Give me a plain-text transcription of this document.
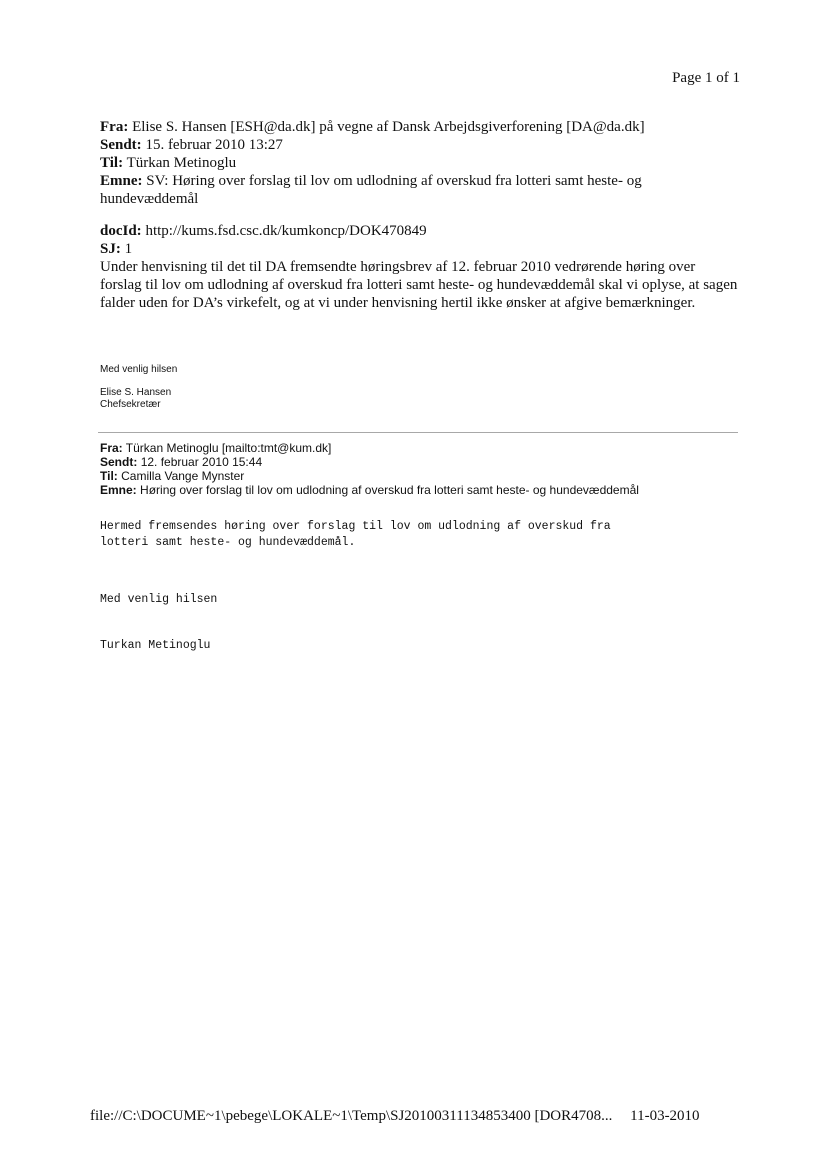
Page 1 of 1
Fra: Elise S. Hansen [ESH@da.dk] på vegne af Dansk Arbejdsgiverforening [DA@da.dk]
Sendt: 15. februar 2010 13:27
Til: Türkan Metinoglu
Emne: SV: Høring over forslag til lov om udlodning af overskud fra lotteri samt heste- og hundevæddemål
docId: http://kums.fsd.csc.dk/kumkoncp/DOK470849
SJ: 1
Under henvisning til det til DA fremsendte høringsbrev af 12. februar 2010 vedrørende høring over forslag til lov om udlodning af overskud fra lotteri samt heste- og hundevæddemål skal vi oplyse, at sagen falder uden for DA’s virkefelt, og at vi under henvisning hertil ikke ønsker at afgive bemærkninger.
Med venlig hilsen
Elise S. Hansen
Chefsekretær
Fra: Türkan Metinoglu [mailto:tmt@kum.dk]
Sendt: 12. februar 2010 15:44
Til: Camilla Vange Mynster
Emne: Høring over forslag til lov om udlodning af overskud fra lotteri samt heste- og hundevæddemål
Hermed fremsendes høring over forslag til lov om udlodning af overskud fra
lotteri samt heste- og hundevæddemål.
Med venlig hilsen
Turkan Metinoglu
file://C:\DOCUME~1\pebege\LOKALE~1\Temp\SJ20100311134853400 [DOR4708... 11-03-2010
